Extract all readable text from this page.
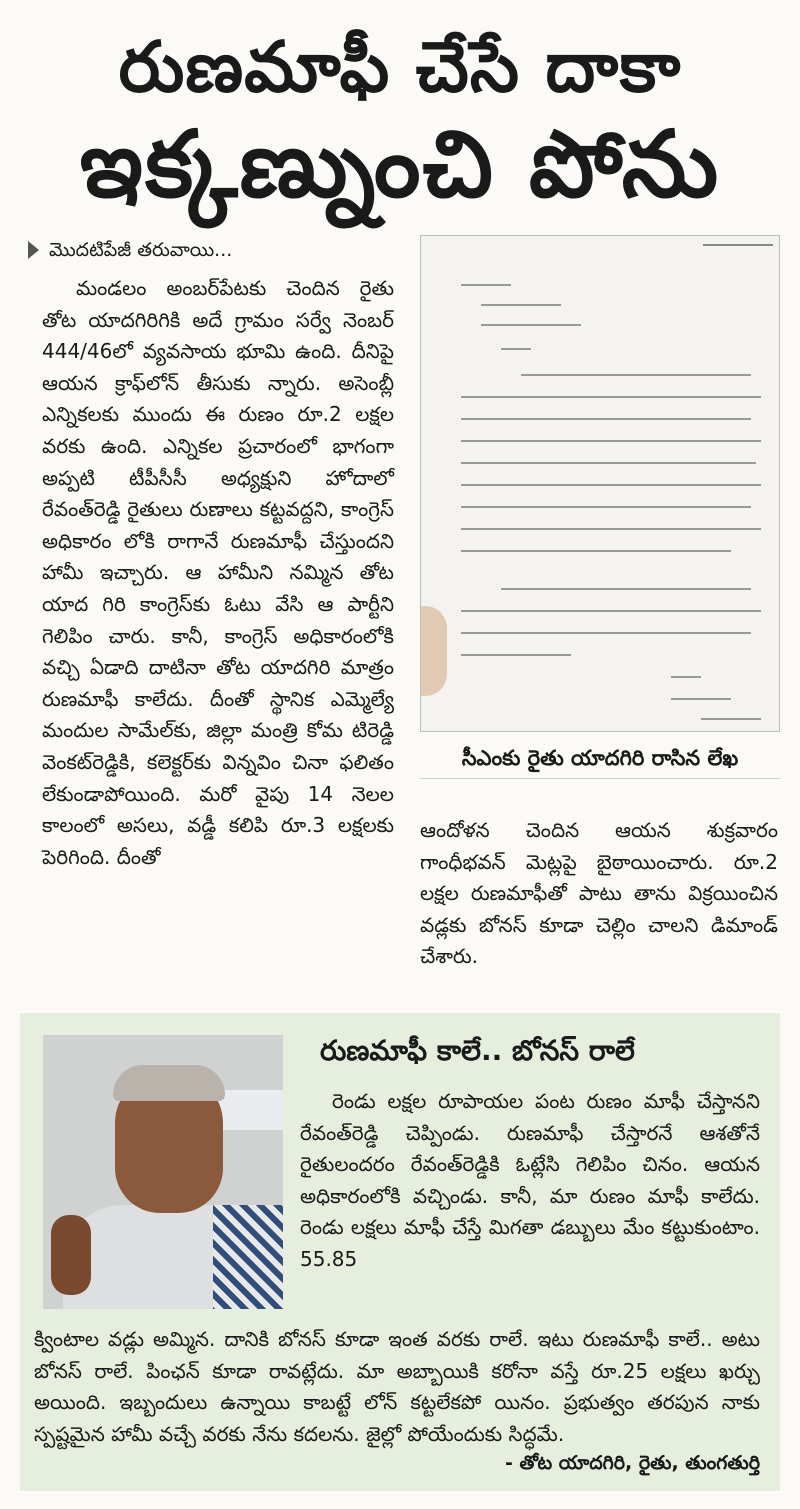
రుణమాఫీ చేసే దాకా
ఇక్కణ్నుంచి పోను
మొదటిపేజీ తరువాయి...

మండలం అంబర్‌పేటకు చెందిన రైతు తోట యాదగిరిగికి అదే గ్రామం సర్వే నెంబర్ 444/46లో వ్యవసాయ భూమి ఉంది. దీనిపై ఆయన క్రాఫ్‌లోన్ తీసుకు న్నారు. అసెంబ్లీ ఎన్నికలకు ముందు ఈ రుణం రూ.2 లక్షల వరకు ఉంది. ఎన్నికల ప్రచారంలో భాగంగా అప్పటి టీపీసీసీ అధ్యక్షుని హోదాలో రేవంత్‌రెడ్డి రైతులు రుణాలు కట్టవద్దని, కాంగ్రెస్ అధికారం లోకి రాగానే రుణమాఫీ చేస్తుందని హామీ ఇచ్చారు. ఆ హామీని నమ్మిన తోట యాద గిరి కాంగ్రెస్‌కు ఓటు వేసి ఆ పార్టీని గెలిపిం చారు. కానీ, కాంగ్రెస్ అధికారంలోకి వచ్చి ఏడాది దాటినా తోట యాదగిరి మాత్రం రుణమాఫీ కాలేదు. దీంతో స్థానిక ఎమ్మెల్యే మందుల సామేల్‌కు, జిల్లా మంత్రి కోమ టిరెడ్డి వెంకట్‌రెడ్డికి, కలెక్టర్‌కు విన్నవిం చినా ఫలితం లేకుండాపోయింది. మరో వైపు 14 నెలల కాలంలో అసలు, వడ్డీ కలిపి రూ.3 లక్షలకు పెరిగింది. దీంతో

సీఎంకు రైతు యాదగిరి రాసిన లేఖ

ఆందోళన చెందిన ఆయన శుక్రవారం గాంధీభవన్ మెట్లపై బైఠాయించారు. రూ.2 లక్షల రుణమాఫీతో పాటు తాను విక్రయించిన వడ్లకు బోనస్ కూడా చెల్లిం చాలని డిమాండ్ చేశారు.

రుణమాఫీ కాలే.. బోనస్ రాలే
రెండు లక్షల రూపాయల పంట రుణం మాఫీ చేస్తానని రేవంత్‌రెడ్డి చెప్పిండు. రుణమాఫీ చేస్తారనే ఆశతోనే రైతులందరం రేవంత్‌రెడ్డికి ఓట్లేసి గెలిపిం చినం. ఆయన అధికారంలోకి వచ్చిండు. కానీ, మా రుణం మాఫీ కాలేదు. రెండు లక్షలు మాఫీ చేస్తే మిగతా డబ్బులు మేం కట్టుకుంటాం. 55.85
క్వింటాల వడ్లు అమ్మిన. దానికి బోనస్ కూడా ఇంత వరకు రాలే. ఇటు రుణమాఫీ కాలే.. అటు బోనస్ రాలే. పింఛన్ కూడా రావట్లేదు. మా అబ్బాయికి కరోనా వస్తే రూ.25 లక్షలు ఖర్చు అయింది. ఇబ్బందులు ఉన్నాయి కాబట్టే లోన్ కట్టలేకపో యినం. ప్రభుత్వం తరపున నాకు స్పష్టమైన హామీ వచ్చే వరకు నేను కదలను. జైల్లో పోయేందుకు సిద్ధమే.
- తోట యాదగిరి, రైతు, తుంగతుర్తి
